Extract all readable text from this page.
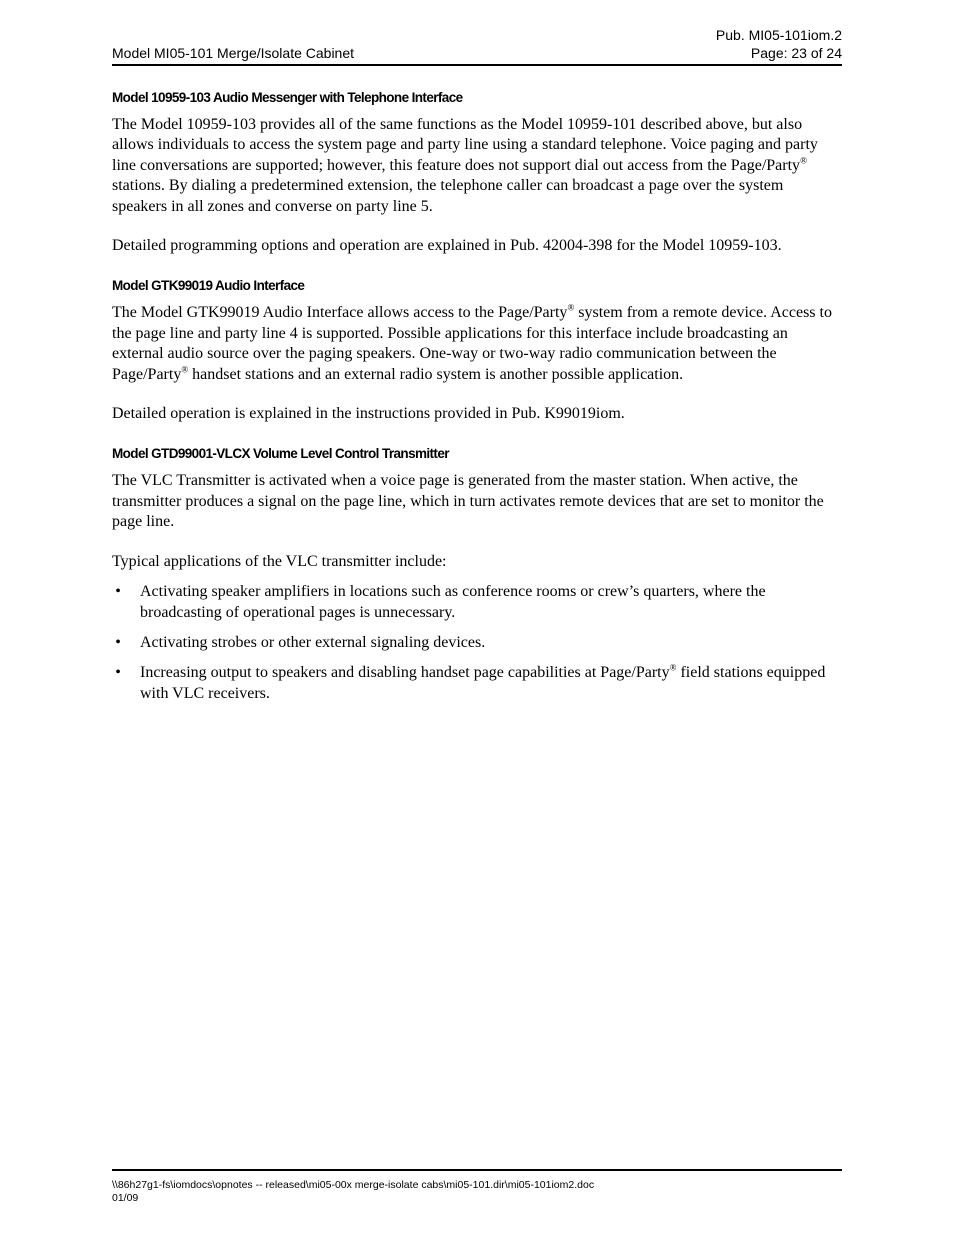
Pub. MI05-101iom.2
Model MI05-101 Merge/Isolate Cabinet	Page: 23 of 24
Model 10959-103 Audio Messenger with Telephone Interface

The Model 10959-103 provides all of the same functions as the Model 10959-101 described above, but also allows individuals to access the system page and party line using a standard telephone. Voice paging and party line conversations are supported; however, this feature does not support dial out access from the Page/Party® stations. By dialing a predetermined extension, the telephone caller can broadcast a page over the system speakers in all zones and converse on party line 5.

Detailed programming options and operation are explained in Pub. 42004-398 for the Model 10959-103.

Model GTK99019 Audio Interface

The Model GTK99019 Audio Interface allows access to the Page/Party® system from a remote device. Access to the page line and party line 4 is supported. Possible applications for this interface include broadcasting an external audio source over the paging speakers. One-way or two-way radio communication between the Page/Party® handset stations and an external radio system is another possible application.

Detailed operation is explained in the instructions provided in Pub. K99019iom.

Model GTD99001-VLCX Volume Level Control Transmitter

The VLC Transmitter is activated when a voice page is generated from the master station. When active, the transmitter produces a signal on the page line, which in turn activates remote devices that are set to monitor the page line.

Typical applications of the VLC transmitter include:

• Activating speaker amplifiers in locations such as conference rooms or crew’s quarters, where the broadcasting of operational pages is unnecessary.
• Activating strobes or other external signaling devices.
• Increasing output to speakers and disabling handset page capabilities at Page/Party® field stations equipped with VLC receivers.
\\86h27g1-fs\iomdocs\opnotes -- released\mi05-00x merge-isolate cabs\mi05-101.dir\mi05-101iom2.doc
01/09
